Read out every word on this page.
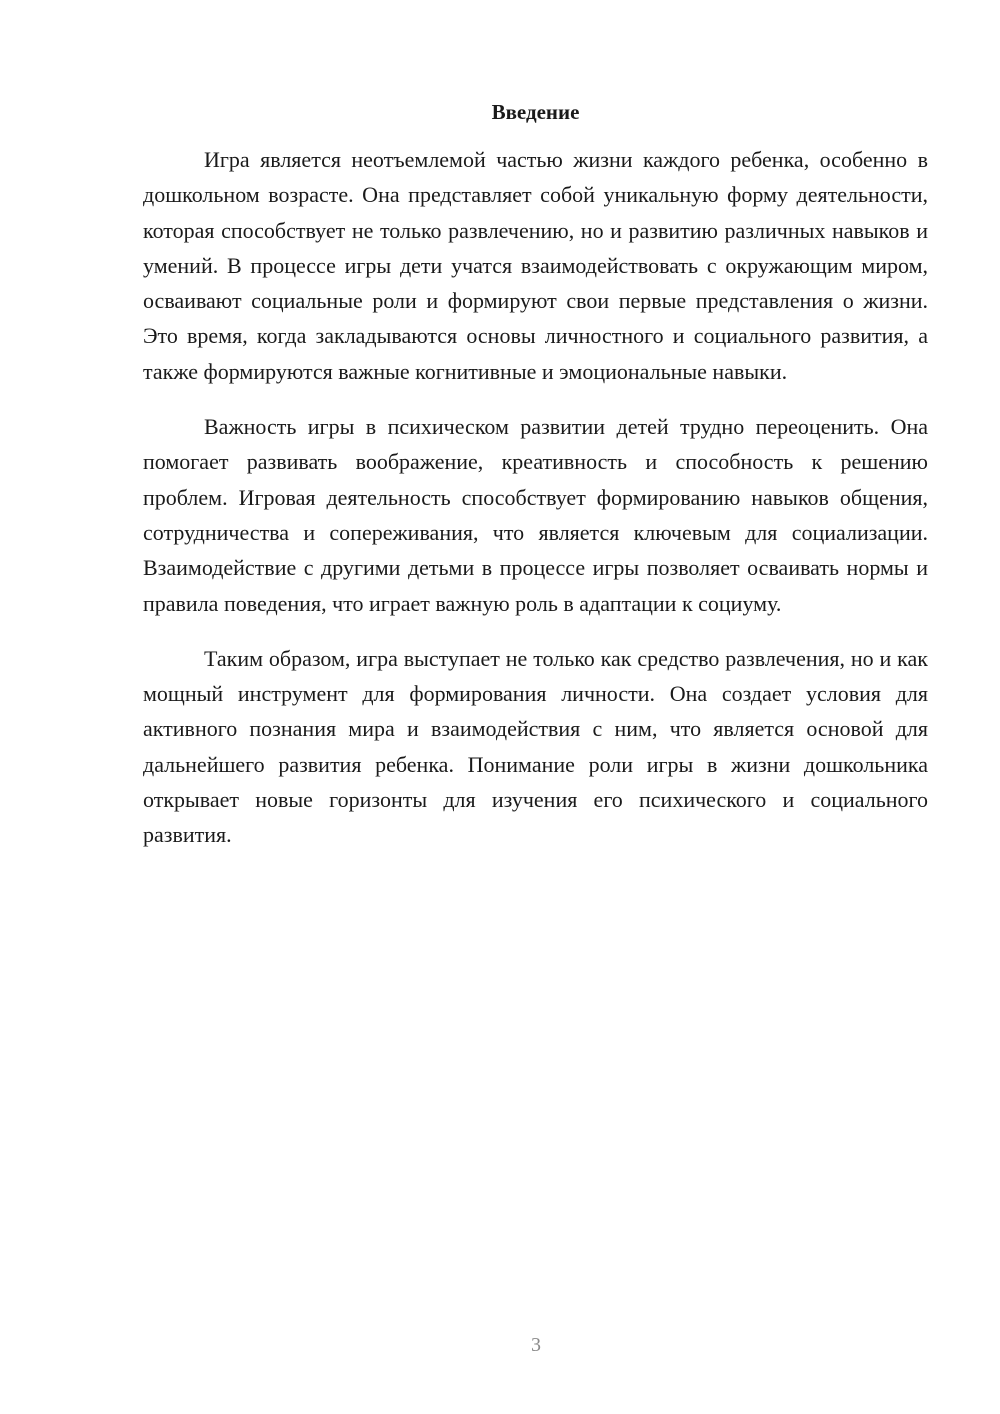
Введение

Игра является неотъемлемой частью жизни каждого ребенка, особенно в дошкольном возрасте. Она представляет собой уникальную форму деятельности, которая способствует не только развлечению, но и развитию различных навыков и умений. В процессе игры дети учатся взаимодействовать с окружающим миром, осваивают социальные роли и формируют свои первые представления о жизни. Это время, когда закладываются основы личностного и социального развития, а также формируются важные когнитивные и эмоциональные навыки.

Важность игры в психическом развитии детей трудно переоценить. Она помогает развивать воображение, креативность и способность к решению проблем. Игровая деятельность способствует формированию навыков общения, сотрудничества и сопереживания, что является ключевым для социализации. Взаимодействие с другими детьми в процессе игры позволяет осваивать нормы и правила поведения, что играет важную роль в адаптации к социуму.

Таким образом, игра выступает не только как средство развлечения, но и как мощный инструмент для формирования личности. Она создает условия для активного познания мира и взаимодействия с ним, что является основой для дальнейшего развития ребенка. Понимание роли игры в жизни дошкольника открывает новые горизонты для изучения его психического и социального развития.

3
